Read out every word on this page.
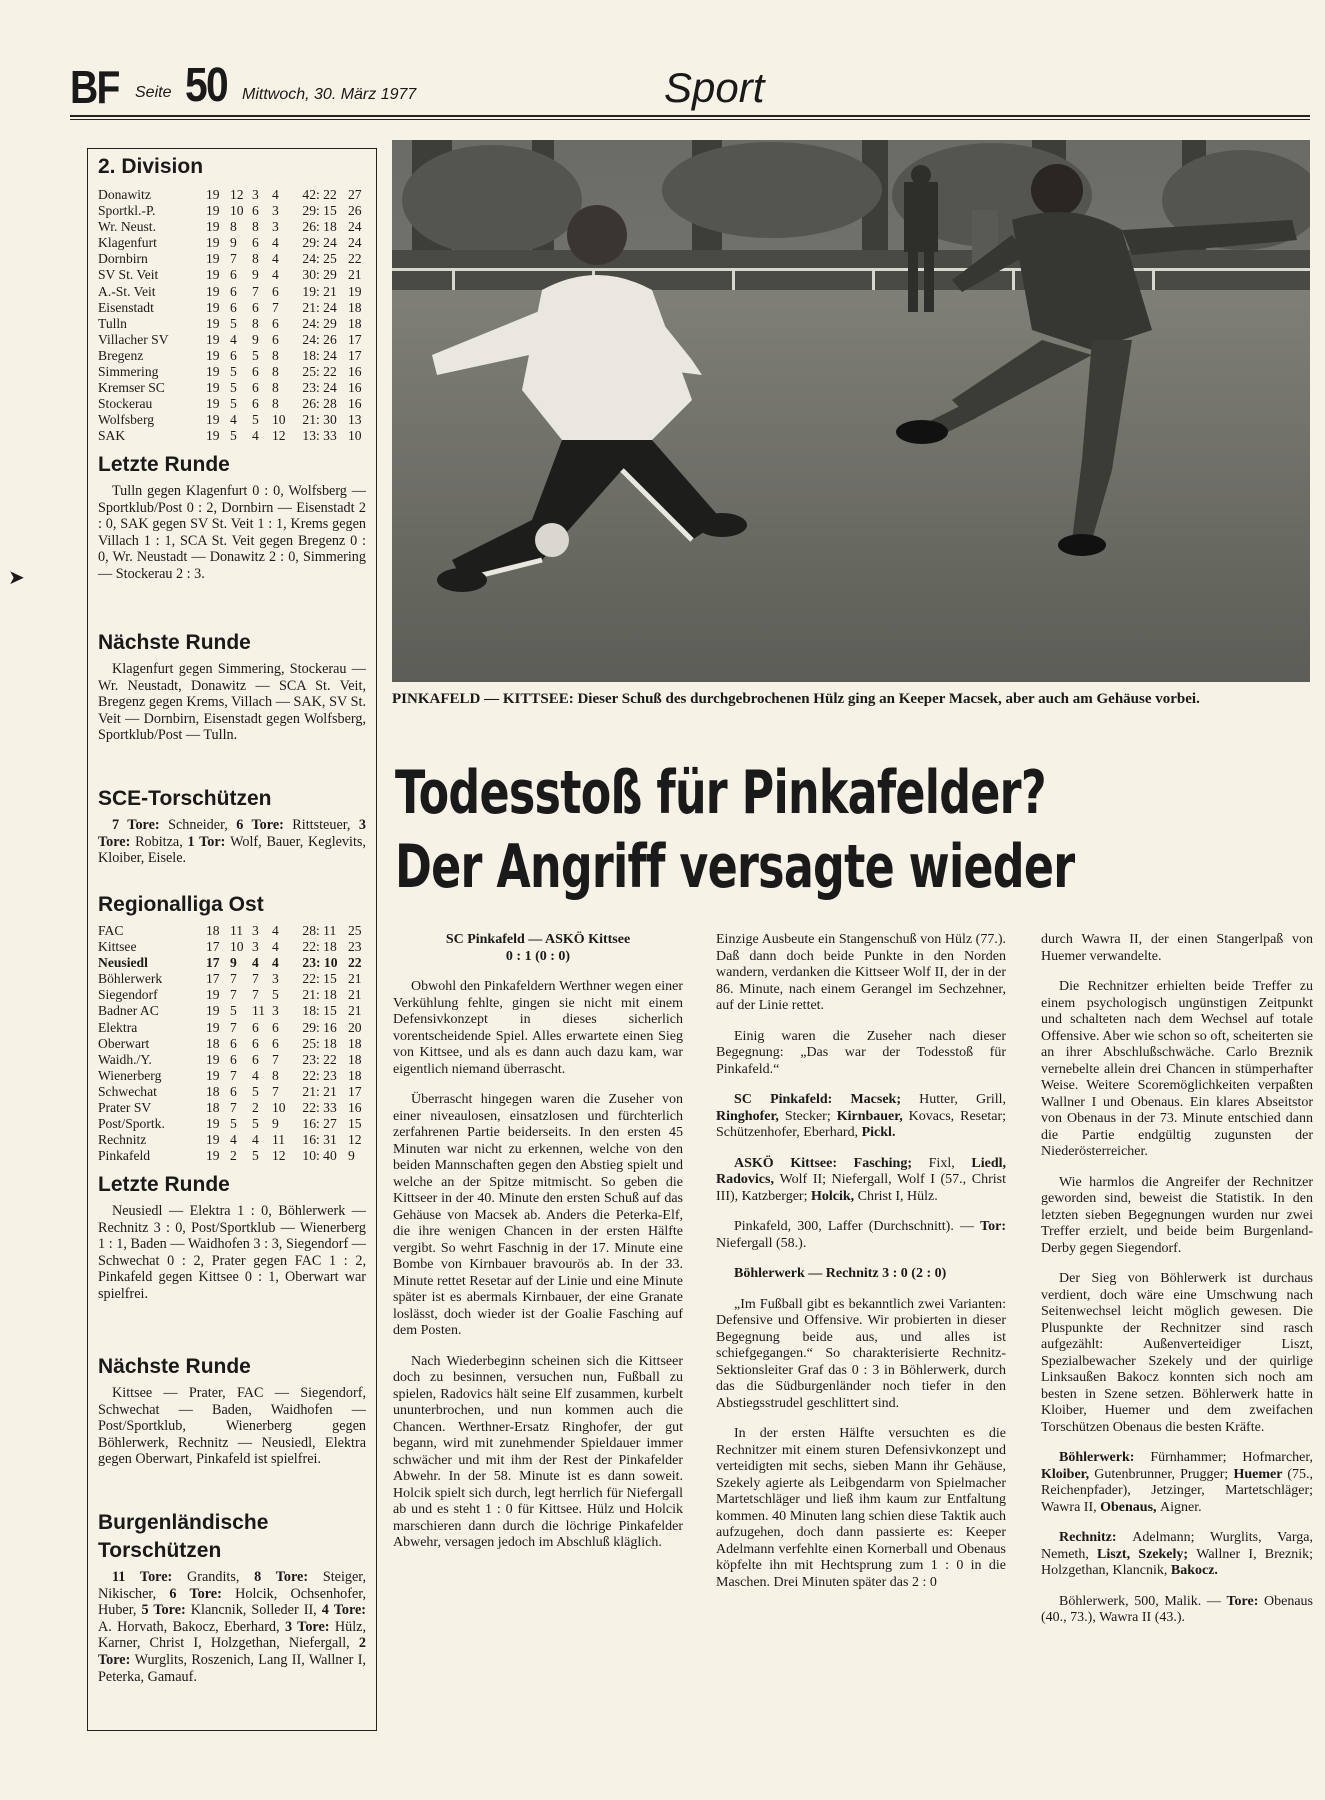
BF Seite 50 Mittwoch, 30. März 1977	Sport
➤
2. Division
Donawitz	19 12 3 4	42 : 22 27
Sportkl.-P.	19 10 6 3	29 : 15 26
Wr. Neust.	19 8	8 3	26 : 18 24
Klagenfurt	19 9	6 4	29 : 24 24
Dornbirn	19 7	8 4	24 : 25 22
SV St. Veit	19 6	9 4	30 : 29 21
A.-St. Veit	19 6	7 6	19 : 21 19
Eisenstadt	19 6	6 7	21 : 24 18
Tulln	19 5	8 6	24 : 29 18
Villacher SV	19 4	9 6	24 : 26 17
Bregenz	19 6	5 8	18 : 24 17
Simmering	19 5	6 8	25 : 22 16
Kremser SC	19 5	6 8	23 : 24 16
Stockerau	19 5	6 8	26 : 28 16
Wolfsberg	19 4	5 10	21 : 30 13
SAK	19 5	4 12	13 : 33 10
Letzte Runde
Tulln gegen Klagenfurt 0 : 0, Wolfsberg — Sportklub/Post 0 : 2, Dornbirn — Eisenstadt 2 : 0, SAK gegen SV St. Veit 1 : 1, Krems gegen Villach 1 : 1, SCA St. Veit gegen Bregenz 0 : 0, Wr. Neustadt — Donawitz 2 : 0, Simmering — Stockerau 2 : 3.
Nächste Runde
Klagenfurt gegen Simmering, Stockerau — Wr. Neustadt, Donawitz — SCA St. Veit, Bregenz gegen Krems, Villach — SAK, SV St. Veit — Dornbirn, Eisenstadt gegen Wolfsberg, Sportklub/Post — Tulln.
SCE-Torschützen
7 Tore: Schneider, 6 Tore: Rittsteuer, 3 Tore: Robitza, 1 Tor: Wolf, Bauer, Keglevits, Kloiber, Eisele.
Regionalliga Ost
FAC	18 11 3 4	28 : 11 25
Kittsee	17 10 3 4	22 : 18 23
Neusiedl	17 9	4 4	23 : 10 22
Böhlerwerk	17 7	7 3	22 : 15 21
Siegendorf	19 7	7 5	21 : 18 21
Badner AC	19 5	11 3	18 : 15 21
Elektra	19 7	6 6	29 : 16 20
Oberwart	18 6	6 6	25 : 18 18
Waidh./Y.	19 6	6 7	23 : 22 18
Wienerberg	19 7	4 8	22 : 23 18
Schwechat	18 6	5 7	21 : 21 17
Prater SV	18 7	2 10	22 : 33 16
Post/Sportk.	19 5	5 9	16 : 27 15
Rechnitz	19 4	4 11	16 : 31 12
Pinkafeld	19 2	5 12	10 : 40 9
Letzte Runde
Neusiedl — Elektra 1 : 0, Böhlerwerk — Rechnitz 3 : 0, Post/Sportklub — Wienerberg 1 : 1, Baden — Waidhofen 3 : 3, Siegendorf — Schwechat 0 : 2, Prater gegen FAC 1 : 2, Pinkafeld gegen Kittsee 0 : 1, Oberwart war spielfrei.
Nächste Runde
Kittsee — Prater, FAC — Siegendorf, Schwechat — Baden, Waidhofen — Post/Sportklub, Wienerberg gegen Böhlerwerk, Rechnitz — Neusiedl, Elektra gegen Oberwart, Pinkafeld ist spielfrei.
Burgenländische Torschützen
11 Tore: Grandits, 8 Tore: Steiger, Nikischer, 6 Tore: Holcik, Ochsenhofer, Huber, 5 Tore: Klancnik, Solleder II, 4 Tore: A. Horvath, Bakocz, Eberhard, 3 Tore: Hülz, Karner, Christ I, Holzgethan, Niefergall, 2 Tore: Wurglits, Roszenich, Lang II, Wallner I, Peterka, Gamauf.
PINKAFELD — KITTSEE: Dieser Schuß des durchgebrochenen Hülz ging an Keeper Macsek, aber auch am Gehäuse vorbei.
Todesstoß für Pinkafelder?
Der Angriff versagte wieder
SC Pinkafeld — ASKÖ Kittsee
0 : 1 (0 : 0)

Obwohl den Pinkafeldern Werthner wegen einer Verkühlung fehlte, gingen sie nicht mit einem Defensivkonzept in dieses sicherlich vorentscheidende Spiel. Alles erwartete einen Sieg von Kittsee, und als es dann auch dazu kam, war eigentlich niemand überrascht.

Überrascht hingegen waren die Zuseher von einer niveaulosen, einsatzlosen und fürchterlich zerfahrenen Partie beiderseits. In den ersten 45 Minuten war nicht zu erkennen, welche von den beiden Mannschaften gegen den Abstieg spielt und welche an der Spitze mitmischt. So geben die Kittseer in der 40. Minute den ersten Schuß auf das Gehäuse von Macsek ab. Anders die Peterka-Elf, die ihre wenigen Chancen in der ersten Hälfte vergibt. So wehrt Faschnig in der 17. Minute eine Bombe von Kirnbauer bravourös ab. In der 33. Minute rettet Resetar auf der Linie und eine Minute später ist es abermals Kirnbauer, der eine Granate loslässt, doch wieder ist der Goalie Fasching auf dem Posten.

Nach Wiederbeginn scheinen sich die Kittseer doch zu besinnen, versuchen nun, Fußball zu spielen, Radovics hält seine Elf zusammen, kurbelt ununterbrochen, und nun kommen auch die Chancen. Werthner-Ersatz Ringhofer, der gut begann, wird mit zunehmender Spieldauer immer schwächer und mit ihm der Rest der Pinkafelder Abwehr. In der 58. Minute ist es dann soweit. Holcik spielt sich durch, legt herrlich für Niefergall ab und es steht 1 : 0 für Kittsee. Hülz und Holcik marschieren dann durch die löchrige Pinkafelder Abwehr, versagen jedoch im Abschluß kläglich.

Einzige Ausbeute ein Stangenschuß von Hülz (77.). Daß dann doch beide Punkte in den Norden wandern, verdanken die Kittseer Wolf II, der in der 86. Minute, nach einem Gerangel im Sechzehner, auf der Linie rettet.

Einig waren die Zuseher nach dieser Begegnung: „Das war der Todesstoß für Pinkafeld.“

SC Pinkafeld: Macsek; Hutter, Grill, Ringhofer, Stecker; Kirnbauer, Kovacs, Resetar; Schützenhofer, Eberhard, Pickl.

ASKÖ Kittsee: Fasching; Fixl, Liedl, Radovics, Wolf II; Niefergall, Wolf I (57., Christ III), Katzberger; Holcik, Christ I, Hülz.

Pinkafeld, 300, Laffer (Durchschnitt). — Tor: Niefergall (58.).

Böhlerwerk — Rechnitz 3 : 0 (2 : 0)

„Im Fußball gibt es bekanntlich zwei Varianten: Defensive und Offensive. Wir probierten in dieser Begegnung beide aus, und alles ist schiefgegangen.“ So charakterisierte Rechnitz-Sektionsleiter Graf das 0 : 3 in Böhlerwerk, durch das die Südburgenländer noch tiefer in den Abstiegsstrudel geschlittert sind.

In der ersten Hälfte versuchten es die Rechnitzer mit einem sturen Defensivkonzept und verteidigten mit sechs, sieben Mann ihr Gehäuse, Szekely agierte als Leibgendarm von Spielmacher Martetschläger und ließ ihm kaum zur Entfaltung kommen. 40 Minuten lang schien diese Taktik auch aufzugehen, doch dann passierte es: Keeper Adelmann verfehlte einen Kornerball und Obenaus köpfelte ihn mit Hechtsprung zum 1 : 0 in die Maschen. Drei Minuten später das 2 : 0

durch Wawra II, der einen Stangerlpaß von Huemer verwandelte.

Die Rechnitzer erhielten beide Treffer zu einem psychologisch ungünstigen Zeitpunkt und schalteten nach dem Wechsel auf totale Offensive. Aber wie schon so oft, scheiterten sie an ihrer Abschlußschwäche. Carlo Breznik vernebelte allein drei Chancen in stümperhafter Weise. Weitere Scoremöglichkeiten verpaßten Wallner I und Obenaus. Ein klares Abseitstor von Obenaus in der 73. Minute entschied dann die Partie endgültig zugunsten der Niederösterreicher.

Wie harmlos die Angreifer der Rechnitzer geworden sind, beweist die Statistik. In den letzten sieben Begegnungen wurden nur zwei Treffer erzielt, und beide beim Burgenland-Derby gegen Siegendorf.

Der Sieg von Böhlerwerk ist durchaus verdient, doch wäre eine Umschwung nach Seitenwechsel leicht möglich gewesen. Die Pluspunkte der Rechnitzer sind rasch aufgezählt: Außenverteidiger Liszt, Spezialbewacher Szekely und der quirlige Linksaußen Bakocz konnten sich noch am besten in Szene setzen. Böhlerwerk hatte in Kloiber, Huemer und dem zweifachen Torschützen Obenaus die besten Kräfte.

Böhlerwerk: Fürnhammer; Hofmarcher, Kloiber, Gutenbrunner, Prugger; Huemer (75., Reichenpfader), Jetzinger, Martetschläger; Wawra II, Obenaus, Aigner.

Rechnitz: Adelmann; Wurglits, Varga, Nemeth, Liszt, Szekely; Wallner I, Breznik; Holzgethan, Klancnik, Bakocz.

Böhlerwerk, 500, Malik. — Tore: Obenaus (40., 73.), Wawra II (43.).
